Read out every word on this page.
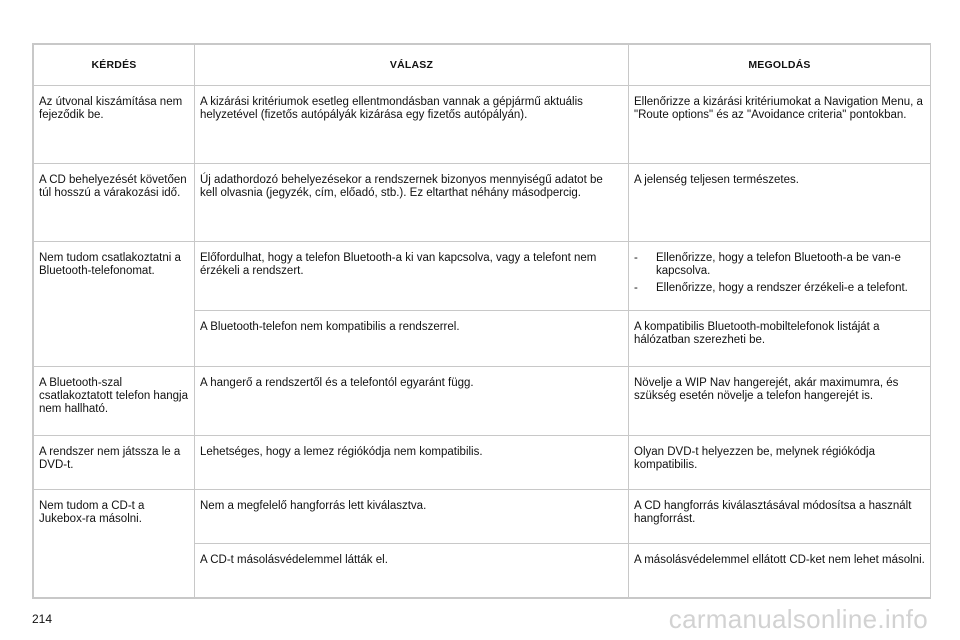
KÉRDÉS	VÁLASZ	MEGOLDÁS
Az útvonal kiszámítása nem fejeződik be.	A kizárási kritériumok esetleg ellentmondásban vannak a gépjármű aktuális helyzetével (fizetős autópályák kizárása egy fizetős autópályán).	Ellenőrizze a kizárási kritériumokat a Navigation Menu, a "Route options" és az "Avoidance criteria" pontokban.
A CD behelyezését követően túl hosszú a várakozási idő.	Új adathordozó behelyezésekor a rendszernek bizonyos mennyiségű adatot be kell olvasnia (jegyzék, cím, előadó, stb.). Ez eltarthat néhány másodpercig.	A jelenség teljesen természetes.
Nem tudom csatlakoztatni a Bluetooth-telefonomat.	Előfordulhat, hogy a telefon Bluetooth-a ki van kapcsolva, vagy a telefont nem érzékeli a rendszert.	- Ellenőrizze, hogy a telefon Bluetooth-a be van-e kapcsolva.
- Ellenőrizze, hogy a rendszer érzékeli-e a telefont.

	A Bluetooth-telefon nem kompatibilis a rendszerrel.	A kompatibilis Bluetooth-mobiltelefonok listáját a hálózatban szerezheti be.
A Bluetooth-szal csatlakoztatott telefon hangja nem hallható.	A hangerő a rendszertől és a telefontól egyaránt függ.	Növelje a WIP Nav hangerejét, akár maximumra, és szükség esetén növelje a telefon hangerejét is.
A rendszer nem játssza le a DVD-t.	Lehetséges, hogy a lemez régiókódja nem kompatibilis.	Olyan DVD-t helyezzen be, melynek régiókódja kompatibilis.
Nem tudom a CD-t a Jukebox-ra másolni.	Nem a megfelelő hangforrás lett kiválasztva.	A CD hangforrás kiválasztásával módosítsa a használt hangforrást.
	A CD-t másolásvédelemmel látták el.	A másolásvédelemmel ellátott CD-ket nem lehet másolni.
214	carmanualsonline.info
